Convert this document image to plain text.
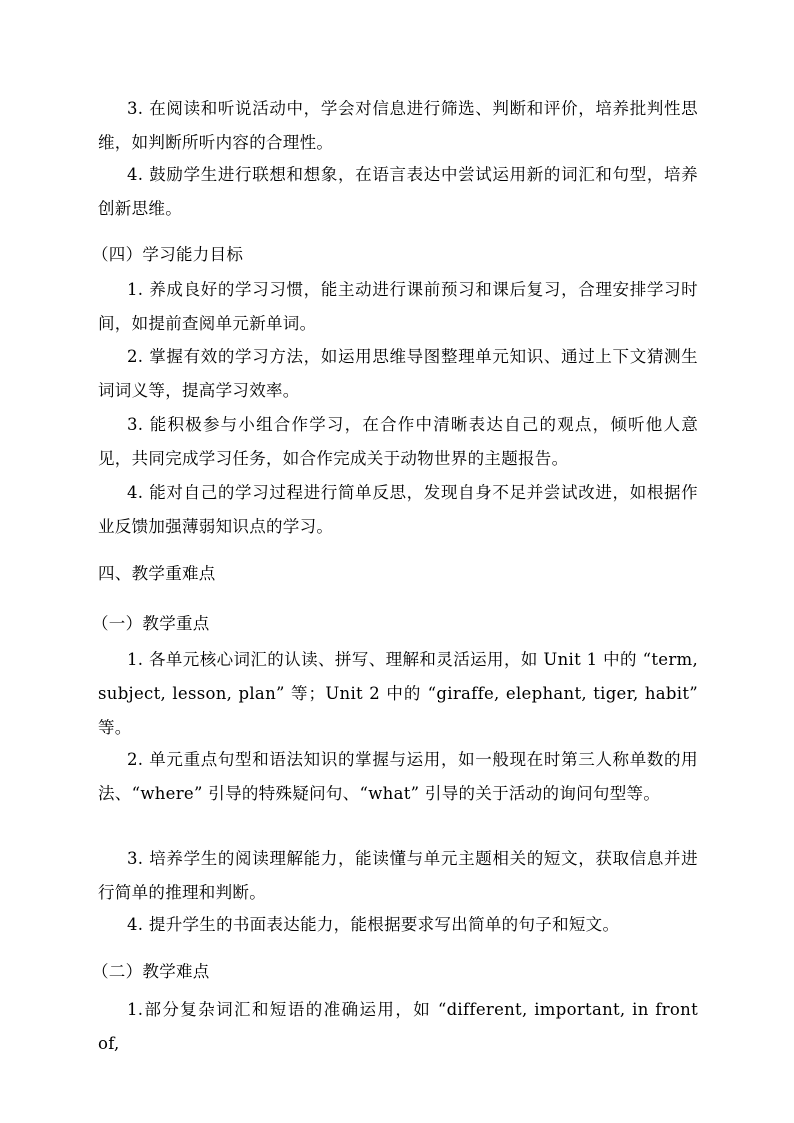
3. 在阅读和听说活动中，学会对信息进行筛选、判断和评价，培养批判性思维，如判断所听内容的合理性。

4. 鼓励学生进行联想和想象，在语言表达中尝试运用新的词汇和句型，培养创新思维。

（四）学习能力目标

1. 养成良好的学习习惯，能主动进行课前预习和课后复习，合理安排学习时间，如提前查阅单元新单词。

2. 掌握有效的学习方法，如运用思维导图整理单元知识、通过上下文猜测生词词义等，提高学习效率。

3. 能积极参与小组合作学习，在合作中清晰表达自己的观点，倾听他人意见，共同完成学习任务，如合作完成关于动物世界的主题报告。

4. 能对自己的学习过程进行简单反思，发现自身不足并尝试改进，如根据作业反馈加强薄弱知识点的学习。

四、教学重难点

（一）教学重点

1. 各单元核心词汇的认读、拼写、理解和灵活运用，如 Unit 1 中的 “term, subject, lesson, plan” 等；Unit 2 中的 “giraffe, elephant, tiger, habit” 等。

2. 单元重点句型和语法知识的掌握与运用，如一般现在时第三人称单数的用法、“where” 引导的特殊疑问句、“what” 引导的关于活动的询问句型等。

3. 培养学生的阅读理解能力，能读懂与单元主题相关的短文，获取信息并进行简单的推理和判断。

4. 提升学生的书面表达能力，能根据要求写出简单的句子和短文。

（二）教学难点

1.部分复杂词汇和短语的准确运用，如 “different, important, in front of,
